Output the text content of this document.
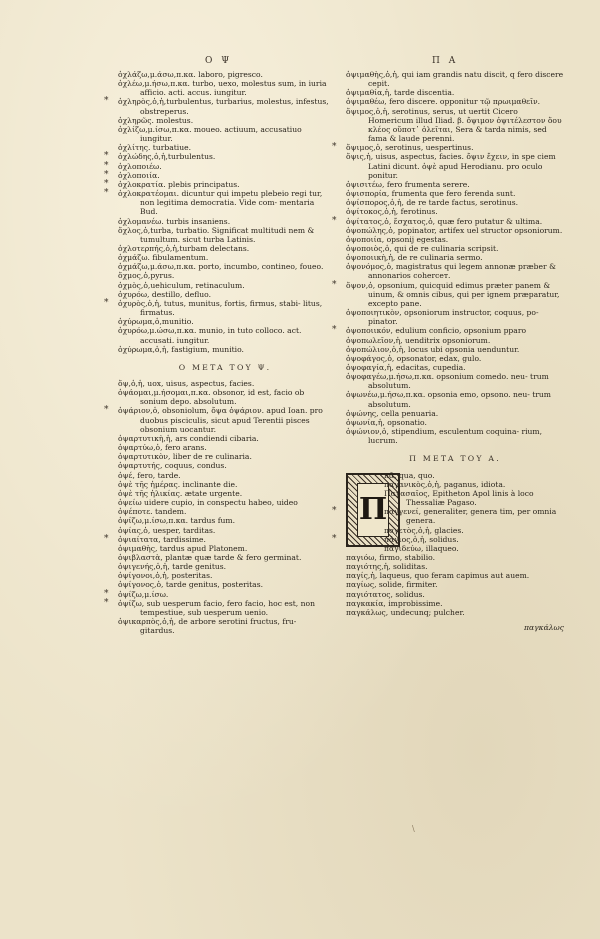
O Ψ	Π A
ὀχλάζω,μ.άσω,π.κα. laboro, pigresco.
ὀχλέω,μ.ήσω,π.κα. turbo, uexo, molestus sum, in iuria afficio. acti. accus. iungitur.
* ὀχληρὸς,ὁ,ἡ,turbulentus, turbarius, molestus, infestus, obstreperus.
ὀχληρῶς. molestus.
ὀχλίζω,μ.ίσω,π.κα. moueo. actiuum, accusatiuo iungitur.
ὀχλίτης. turbatiue.
* ὀχλώδης,ὁ,ἡ,turbulentus.
* ὀχλοποιέω.
* ὀχλοποιία.
* ὀχλοκρατία. plebis principatus.
* ὀχλοκρατέομαι. dicuntur qui impetu plebeio regi tur, non legitima democratia. Vide com- mentaria Bud.
ὀχλομανέω. turbis insaniens.
ὄχλος,ὁ,turba, turbatio. Significat multitudi nem & tumultum. sicut turba Latinis.
ὀχλοτερπής,ὁ,ἡ,turbam delectans.
ὀχμάζω. fibulamentum.
ὀχμάζω,μ.άσω,π.κα. porto, incumbo, contineo, foueo.
ὄχμος,ὁ,pyrus.
ὀχμὸς,ὁ,uehiculum, retinaculum.
ὀχυρόω, destillo, defluo.
* ὀχυρὸς,ὁ,ἡ, tutus, munitus, fortis, firmus, stabi- litus, firmatus.
ὀχύρωμα,ὁ,munitio.
ὀχυρόω,μ.ώσω,π.κα. munio, in tuto colloco. act. accusati. iungitur.
ὀχύρωμα,ὁ,ἡ, fastigium, munitio.
O META TOY Ψ.
ὄψ,ὁ,ἡ, uox, uisus, aspectus, facies.
ὀψάομαι,μ.ήσομαι,π.κα. obsonor, id est, facio ob sonium depo. absolutum.
* ὀψάριον,ὁ, obsoniolum, ὄψα ὀψάριον. apud Ioan. pro duobus pisciculis, sicut apud Terentii pisces obsonium uocantur.
ὀψαρτυτικὴ,ἡ, ars condiendi cibaria.
ὀψαρτύω,ὁ, fero arans.
ὀψαρτυτικὸν, liber de re culinaria.
ὀψαρτυτής, coquus, condus.
ὀψέ, fero, tarde.
ὀψὲ τῆς ἡμέρας. inclinante die.
ὀψὲ τῆς ἡλικίας. ætate urgente.
ὀψείω uidere cupio, in conspectu habeo, uideo
ὀψέποτε. tandem.
ὀψίζω,μ.ίσω,π.κα. tardus fum.
ὀψίας,ὁ, uesper, tarditas.
* ὀψιαίτατα, tardissime.
ὀψιμαθὴς, tardus apud Platonem.
ὀψιβλαστὰ, plantæ quæ tarde & fero germinat.
ὀψιγενής,ὁ,ἡ, tarde genitus.
ὀψίγονοι,ὁ,ἡ, posteritas.
ὀψίγονος,ὁ, tarde genitus, posteritas.
* ὀψίζω,μ.ίσω.
* ὀψίζω, sub uesperum facio, fero facio, hoc est, non tempestiue, sub uesperum uenio.
ὀψικαρπὸς,ὁ,ἡ, de arbore serotini fructus, fru- gitardus.
ὀψιμαθὴς,ὁ,ἡ, qui iam grandis natu discit, q fero discere cepit.
ὀψιμαθία,ἡ, tarde discentia.
ὀψιμαθέω, fero discere. opponitur τῷ πρωιμαθεῖν.
ὄψιμος,ὁ,ἡ, serotinus, serus, ut uertit Cicero Homericum illud Iliad. β. ὄψιμον ὀψιτέλεστον ὅου κλέος οὔποτ᾽ ὀλεῖται, Sera & tarda nimis, sed fama & laude perenni.
* ὄψιμος,ὁ, serotinus, uespertinus.
ὄψις,ἡ, uisus, aspectus, facies. ὄψιν ἔχειν, in spe ciem Latini dicunt. ὀψὲ apud Herodianu. pro oculo ponitur.
ὀψισιτέω, fero frumenta serere.
ὀψισπορία, frumenta que fero ferenda sunt.
ὀψίσπορος,ὁ,ἡ, de re tarde factus, serotinus.
ὀψίτοκος,ὁ,ἡ, ferotinus.
* ὀψίτατος,ὁ, ἔσχατος,ὁ, quæ fero putatur & ultima.
ὀψοπώλης,ὁ, popinator, artifex uel structor opsoniorum.
ὀψοποιία, opsonij egestas.
ὀψοποιὸς,ὁ, qui de re culinaria scripsit.
ὀψοποιικὴ,ἡ, de re culinaria sermo.
ὀψονόμος,ὁ, magistratus qui legem annonæ præber & annonarios coherceт.
* ὄψον,ὁ, opsonium, quicquid edimus præter panem & uinum, & omnis cibus, qui per ignem præparatur, excepto pane.
ὀψοποιητικὸν, opsoniorum instructor, coquus, po- pinator.
* ὀψοποιικόν, edulium conficio, opsonium pparo
ὀψοπωλεῖον,ἡ, uenditrix opsoniorum.
ὀψοπώλιον,ὁ,ἡ, locus ubi opsonia uenduntur.
ὀψοφάγος,ὁ, opsonator, edax, gulo.
ὀψοφαγία,ἡ, edacitas, cupedia.
ὀψοφαγέω,μ.ήσω,π.κα. opsonium comedo. neu- trum absolutum.
ὀψωνέω,μ.ήσω,π.κα. opsonia emo, opsono. neu- trum absolutum.
ὀψώνης, cella penuaria.
ὀψωνία,ἡ, opsonatio.
ὀψώνιον,ὁ, stipendium, esculentum coquina- rium, lucrum.
Π META TOY A.
Π
πᾶ, qua, quo.
παγανικὸς,ὁ,ἡ, paganus, idiota.
Παγασαῖος, Epitheton Apol linis à loco Thessaliæ Pagaso.
* παγγενεί, generaliter, genera tim, per omnia genera.
παγετὸς,ὁ,ἡ, glacies.
* πάγιος,ὁ,ἡ, solidus.
παγιδεύω, illaqueo.
παγιόω, firmo, stabilio.
παγιότης,ἡ, soliditas.
παγίς,ἡ, laqueus, quo feram capimus aut auem.
παγίως, solide, firmiter.
παγιότατος, solidus.
παγκακία, improbissime.
παγκάλως, undecunq; pulcher.
παγκάλως
\
